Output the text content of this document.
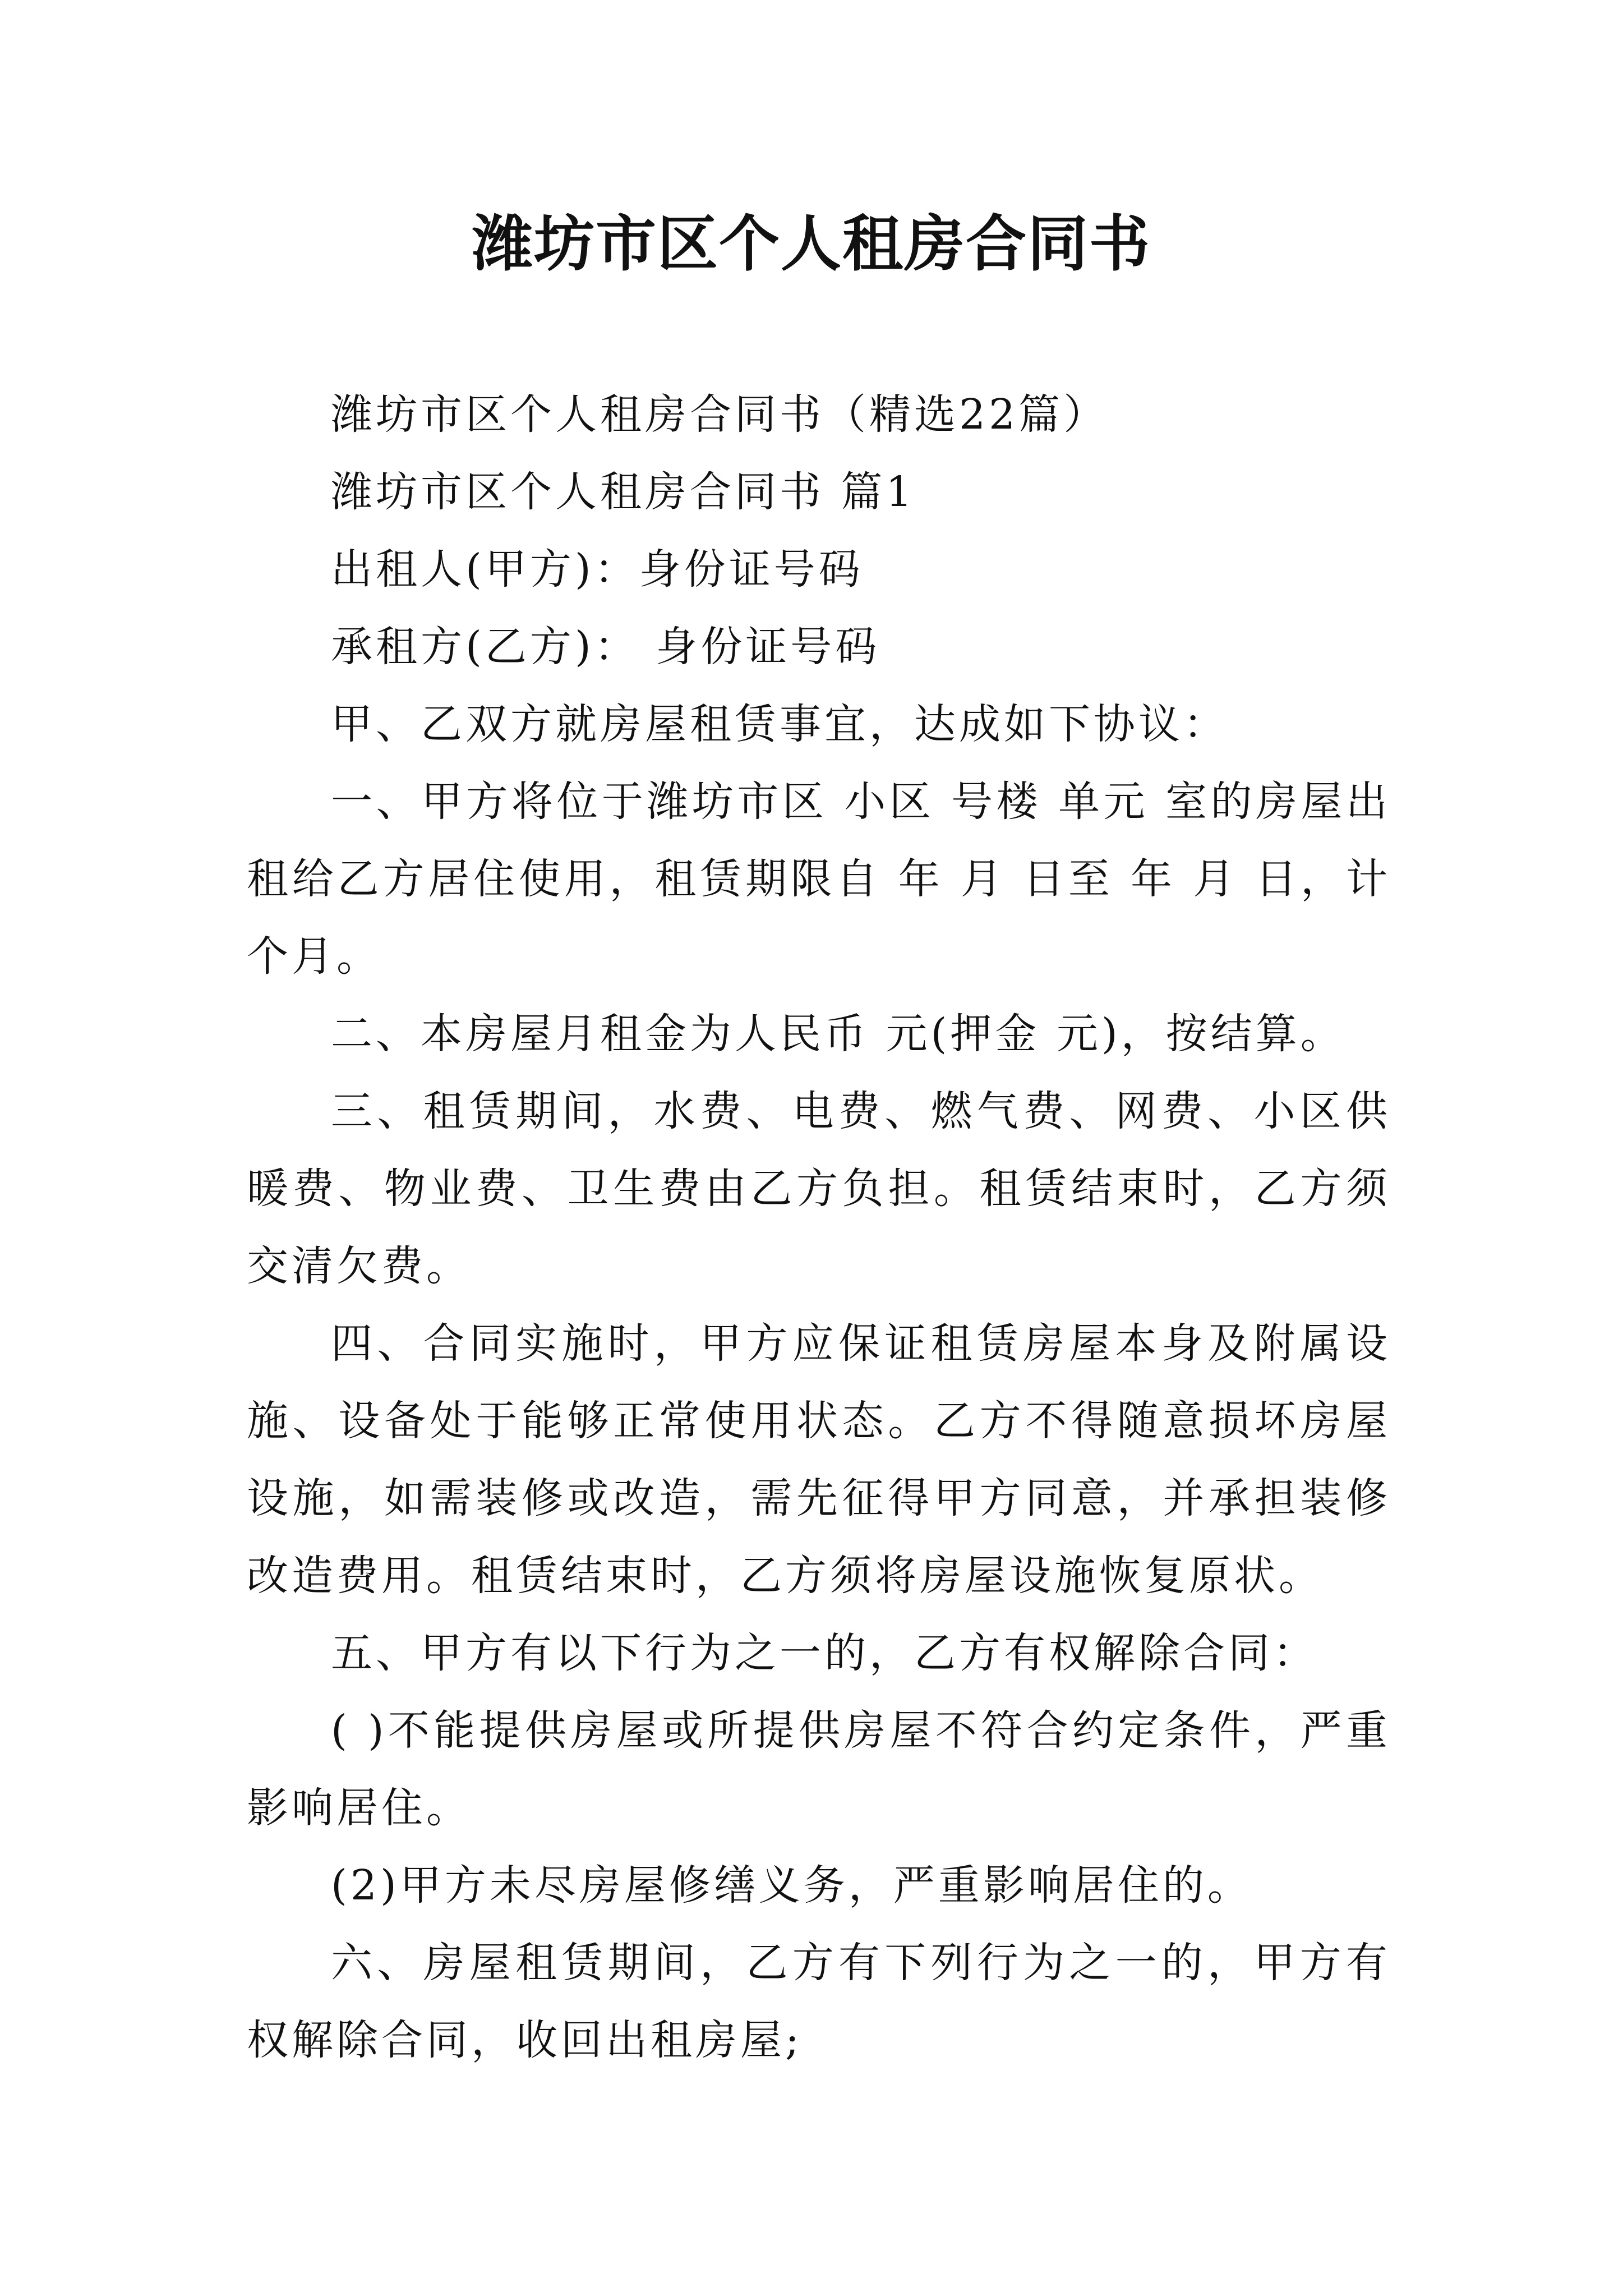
潍坊市区个人租房合同书

潍坊市区个人租房合同书（精选22篇）

潍坊市区个人租房合同书 篇1

出租人(甲方)：身份证号码

承租方(乙方)： 身份证号码

甲、乙双方就房屋租赁事宜，达成如下协议：

一、甲方将位于潍坊市区 小区 号楼 单元 室的房屋出租给乙方居住使用，租赁期限自 年 月 日至 年 月 日，计 个月。

二、本房屋月租金为人民币 元(押金 元)，按结算。

三、租赁期间，水费、电费、燃气费、网费、小区供暖费、物业费、卫生费由乙方负担。租赁结束时，乙方须交清欠费。

四、合同实施时，甲方应保证租赁房屋本身及附属设施、设备处于能够正常使用状态。乙方不得随意损坏房屋设施，如需装修或改造，需先征得甲方同意，并承担装修改造费用。租赁结束时，乙方须将房屋设施恢复原状。

五、甲方有以下行为之一的，乙方有权解除合同：

( )不能提供房屋或所提供房屋不符合约定条件，严重影响居住。

(2)甲方未尽房屋修缮义务，严重影响居住的。

六、房屋租赁期间，乙方有下列行为之一的，甲方有权解除合同，收回出租房屋;
